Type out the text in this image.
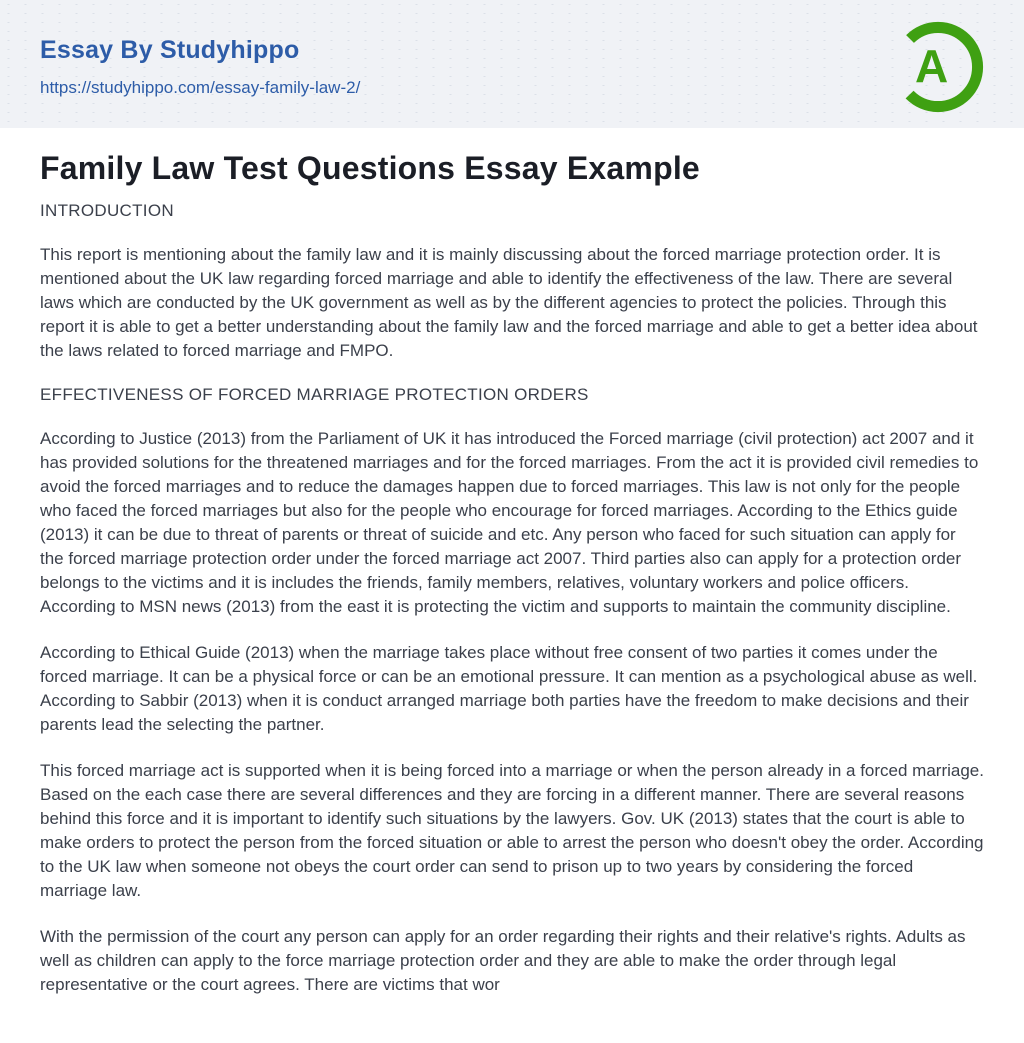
Essay By Studyhippo
https://studyhippo.com/essay-family-law-2/	A
Family Law Test Questions Essay Example
INTRODUCTION

This report is mentioning about the family law and it is mainly discussing about the forced marriage protection order. It is mentioned about the UK law regarding forced marriage and able to identify the effectiveness of the law. There are several laws which are conducted by the UK government as well as by the different agencies to protect the policies. Through this report it is able to get a better understanding about the family law and the forced marriage and able to get a better idea about the laws related to forced marriage and FMPO.

EFFECTIVENESS OF FORCED MARRIAGE PROTECTION ORDERS

According to Justice (2013) from the Parliament of UK it has introduced the Forced marriage (civil protection) act 2007 and it has provided solutions for the threatened marriages and for the forced marriages. From the act it is provided civil remedies to avoid the forced marriages and to reduce the damages happen due to forced marriages. This law is not only for the people who faced the forced marriages but also for the people who encourage for forced marriages. According to the Ethics guide (2013) it can be due to threat of parents or threat of suicide and etc. Any person who faced for such situation can apply for the forced marriage protection order under the forced marriage act 2007. Third parties also can apply for a protection order belongs to the victims and it is includes the friends, family members, relatives, voluntary workers and police officers. According to MSN news (2013) from the east it is protecting the victim and supports to maintain the community discipline.

According to Ethical Guide (2013) when the marriage takes place without free consent of two parties it comes under the forced marriage. It can be a physical force or can be an emotional pressure. It can mention as a psychological abuse as well. According to Sabbir (2013) when it is conduct arranged marriage both parties have the freedom to make decisions and their parents lead the selecting the partner.

This forced marriage act is supported when it is being forced into a marriage or when the person already in a forced marriage. Based on the each case there are several differences and they are forcing in a different manner. There are several reasons behind this force and it is important to identify such situations by the lawyers. Gov. UK (2013) states that the court is able to make orders to protect the person from the forced situation or able to arrest the person who doesn't obey the order. According to the UK law when someone not obeys the court order can send to prison up to two years by considering the forced marriage law.

With the permission of the court any person can apply for an order regarding their rights and their relative's rights. Adults as well as children can apply to the force marriage protection order and they are able to make the order through legal representative or the court agrees. There are victims that wor
